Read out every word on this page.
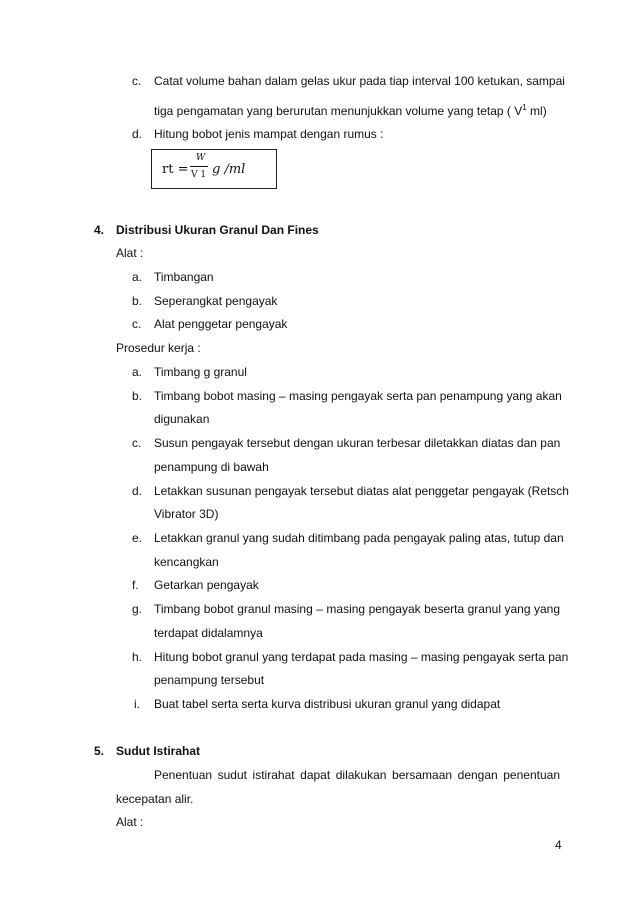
c. Catat volume bahan dalam gelas ukur pada tiap interval 100 ketukan, sampai
tiga pengamatan yang berurutan menunjukkan volume yang tetap ( $V^1$ ml)
d. Hitung bobot jenis mampat dengan rumus :
rt =
W
V 1 g /ml
4. Distribusi Ukuran Granul Dan Fines
Alat :
a. Timbangan
b. Seperangkat pengayak
c. Alat penggetar pengayak
Prosedur kerja :
a. Timbang g granul
b. Timbang bobot masing – masing pengayak serta pan penampung yang akan
digunakan
c. Susun pengayak tersebut dengan ukuran terbesar diletakkan diatas dan pan
penampung di bawah
d. Letakkan susunan pengayak tersebut diatas alat penggetar pengayak (Retsch
Vibrator 3D)
e. Letakkan granul yang sudah ditimbang pada pengayak paling atas, tutup dan
kencangkan
f. Getarkan pengayak
g. Timbang bobot granul masing – masing pengayak beserta granul yang yang
terdapat didalamnya
h. Hitung bobot granul yang terdapat pada masing – masing pengayak serta pan
penampung tersebut
i. Buat tabel serta serta kurva distribusi ukuran granul yang didapat
5. Sudut Istirahat
Penentuan sudut istirahat dapat dilakukan bersamaan dengan penentuan
kecepatan alir.
Alat :
4
